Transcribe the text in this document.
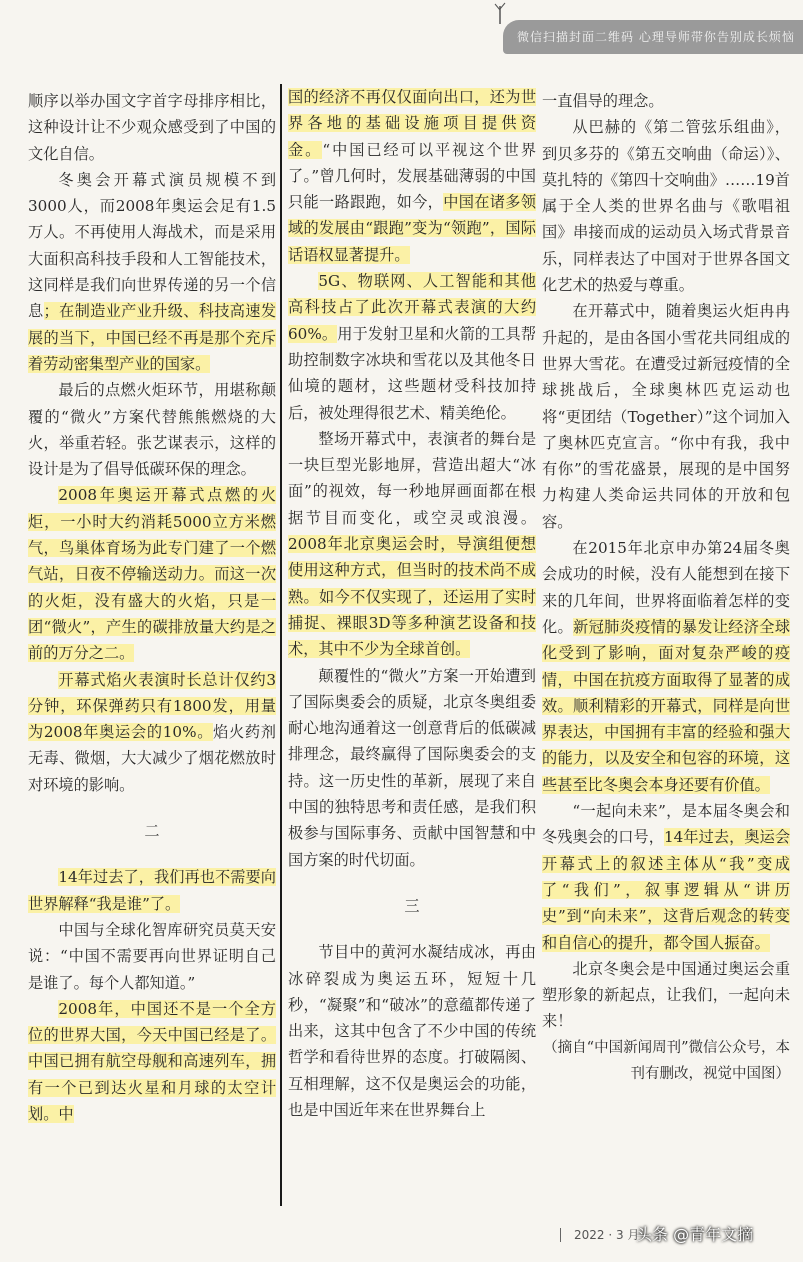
微信扫描封面二维码 心理导师带你告别成长烦恼

顺序以举办国文字首字母排序相比，这种设计让不少观众感受到了中国的文化自信。

冬奥会开幕式演员规模不到3000人，而2008年奥运会足有1.5万人。不再使用人海战术，而是采用大面积高科技手段和人工智能技术，这同样是我们向世界传递的另一个信息；在制造业产业升级、科技高速发展的当下，中国已经不再是那个充斥着劳动密集型产业的国家。

最后的点燃火炬环节，用堪称颠覆的“微火”方案代替熊熊燃烧的大火，举重若轻。张艺谋表示，这样的设计是为了倡导低碳环保的理念。

2008年奥运开幕式点燃的火炬，一小时大约消耗5000立方米燃气，鸟巢体育场为此专门建了一个燃气站，日夜不停输送动力。而这一次的火炬，没有盛大的火焰，只是一团“微火”，产生的碳排放量大约是之前的万分之二。

开幕式焰火表演时长总计仅约3分钟，环保弹药只有1800发，用量为2008年奥运会的10%。焰火药剂无毒、微烟，大大减少了烟花燃放时对环境的影响。

二

14年过去了，我们再也不需要向世界解释“我是谁”了。

中国与全球化智库研究员莫天安说：“中国不需要再向世界证明自己是谁了。每个人都知道。”

2008年，中国还不是一个全方位的世界大国，今天中国已经是了。中国已拥有航空母舰和高速列车，拥有一个已到达火星和月球的太空计划。中

国的经济不再仅仅面向出口，还为世界各地的基础设施项目提供资金。“中国已经可以平视这个世界了。”曾几何时，发展基础薄弱的中国只能一路跟跑，如今，中国在诸多领域的发展由“跟跑”变为“领跑”，国际话语权显著提升。

5G、物联网、人工智能和其他高科技占了此次开幕式表演的大约60%。用于发射卫星和火箭的工具帮助控制数字冰块和雪花以及其他冬日仙境的题材，这些题材受科技加持后，被处理得很艺术、精美绝伦。

整场开幕式中，表演者的舞台是一块巨型光影地屏，营造出超大“冰面”的视效，每一秒地屏画面都在根据节目而变化，或空灵或浪漫。2008年北京奥运会时，导演组便想使用这种方式，但当时的技术尚不成熟。如今不仅实现了，还运用了实时捕捉、裸眼3D等多种演艺设备和技术，其中不少为全球首创。

颠覆性的“微火”方案一开始遭到了国际奥委会的质疑，北京冬奥组委耐心地沟通着这一创意背后的低碳减排理念，最终赢得了国际奥委会的支持。这一历史性的革新，展现了来自中国的独特思考和责任感，是我们积极参与国际事务、贡献中国智慧和中国方案的时代切面。

三

节目中的黄河水凝结成冰，再由冰碎裂成为奥运五环，短短十几秒，“凝聚”和“破冰”的意蕴都传递了出来，这其中包含了不少中国的传统哲学和看待世界的态度。打破隔阂、互相理解，这不仅是奥运会的功能，也是中国近年来在世界舞台上

一直倡导的理念。

从巴赫的《第二管弦乐组曲》，到贝多芬的《第五交响曲（命运）》、莫扎特的《第四十交响曲》……19首属于全人类的世界名曲与《歌唱祖国》串接而成的运动员入场式背景音乐，同样表达了中国对于世界各国文化艺术的热爱与尊重。

在开幕式中，随着奥运火炬冉冉升起的，是由各国小雪花共同组成的世界大雪花。在遭受过新冠疫情的全球挑战后，全球奥林匹克运动也将“更团结（Together）”这个词加入了奥林匹克宣言。“你中有我，我中有你”的雪花盛景，展现的是中国努力构建人类命运共同体的开放和包容。

在2015年北京申办第24届冬奥会成功的时候，没有人能想到在接下来的几年间，世界将面临着怎样的变化。新冠肺炎疫情的暴发让经济全球化受到了影响，面对复杂严峻的疫情，中国在抗疫方面取得了显著的成效。顺利精彩的开幕式，同样是向世界表达，中国拥有丰富的经验和强大的能力，以及安全和包容的环境，这些甚至比冬奥会本身还要有价值。

“一起向未来”，是本届冬奥会和冬残奥会的口号，14年过去，奥运会开幕式上的叙述主体从“我”变成了“我们”，叙事逻辑从“讲历史”到“向未来”，这背后观念的转变和自信心的提升，都令国人振奋。

北京冬奥会是中国通过奥运会重塑形象的新起点，让我们，一起向未来！

（摘自“中国新闻周刊”微信公众号，本刊有删改，视觉中国图）

2022 · 3 月
头条 @青年文摘
